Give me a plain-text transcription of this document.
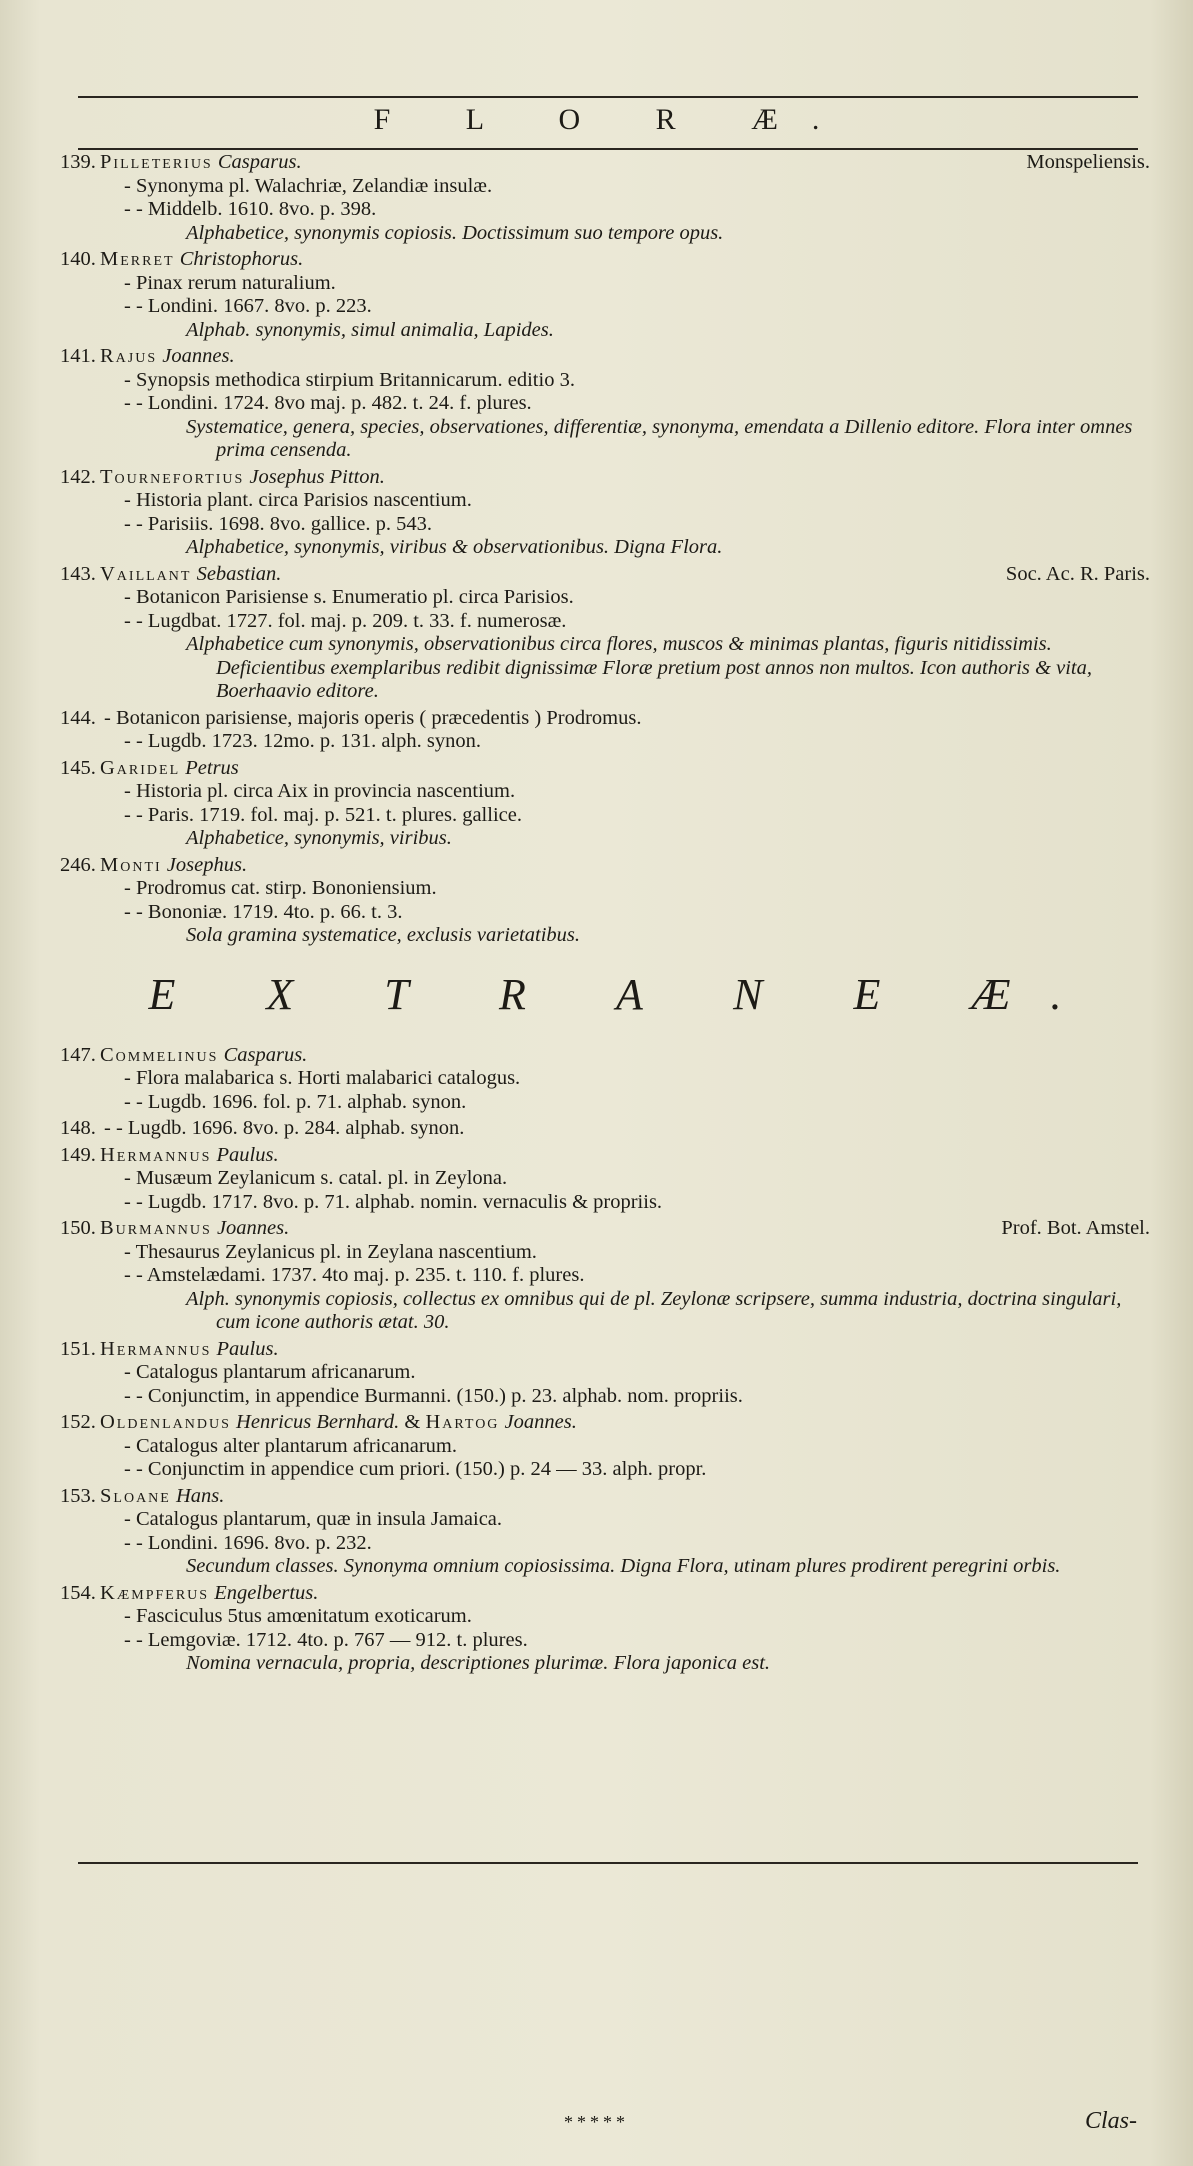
F L O R Æ.
139. Pilleterius Casparus.	Monspeliensis.
- Synonyma pl. Walachriæ, Zelandiæ insulæ.
- - Middelb. 1610. 8vo. p. 398.
Alphabetice, synonymis copiosis. Doctissimum suo tempore opus.
140. Merret Christophorus.
- Pinax rerum naturalium.
- - Londini. 1667. 8vo. p. 223.
Alphab. synonymis, simul animalia, Lapides.
141. Rajus Joannes.
- Synopsis methodica stirpium Britannicarum. editio 3.
- - Londini. 1724. 8vo maj. p. 482. t. 24. f. plures.
Systematice, genera, species, observationes, differentiæ, synonyma, emendata a Dillenio editore. Flora inter omnes prima censenda.
142. Tournefortius Josephus Pitton.
- Historia plant. circa Parisios nascentium.
- - Parisiis. 1698. 8vo. gallice. p. 543.
Alphabetice, synonymis, viribus & observationibus. Digna Flora.
143. Vaillant Sebastian.	Soc. Ac. R. Paris.
- Botanicon Parisiense s. Enumeratio pl. circa Parisios.
- - Lugdbat. 1727. fol. maj. p. 209. t. 33. f. numerosæ.
Alphabetice cum synonymis, observationibus circa flores, muscos & minimas plantas, figuris nitidissimis. Deficientibus exemplaribus redibit dignissimæ Floræ pretium post annos non multos. Icon authoris & vita, Boerhaavio editore.
144. - Botanicon parisiense, majoris operis ( præcedentis ) Prodromus.
- - Lugdb. 1723. 12mo. p. 131. alph. synon.
145. Garidel Petrus
- Historia pl. circa Aix in provincia nascentium.
- - Paris. 1719. fol. maj. p. 521. t. plures. gallice.
Alphabetice, synonymis, viribus.
246. Monti Josephus.
- Prodromus cat. stirp. Bononiensium.
- - Bononiæ. 1719. 4to. p. 66. t. 3.
Sola gramina systematice, exclusis varietatibus.
E X T R A N E Æ.
147. Commelinus Casparus.
- Flora malabarica s. Horti malabarici catalogus.
- - Lugdb. 1696. fol. p. 71. alphab. synon.
148. - - Lugdb. 1696. 8vo. p. 284. alphab. synon.
149. Hermannus Paulus.
- Musæum Zeylanicum s. catal. pl. in Zeylona.
- - Lugdb. 1717. 8vo. p. 71. alphab. nomin. vernaculis & propriis.
150. Burmannus Joannes.	Prof. Bot. Amstel.
- Thesaurus Zeylanicus pl. in Zeylana nascentium.
- - Amstelædami. 1737. 4to maj. p. 235. t. 110. f. plures.
Alph. synonymis copiosis, collectus ex omnibus qui de pl. Zeylonæ scripsere, summa industria, doctrina singulari, cum icone authoris ætat. 30.
151. Hermannus Paulus.
- Catalogus plantarum africanarum.
- - Conjunctim, in appendice Burmanni. (150.) p. 23. alphab. nom. propriis.
152. Oldenlandus Henricus Bernhard. & Hartog Joannes.
- Catalogus alter plantarum africanarum.
- - Conjunctim in appendice cum priori. (150.) p. 24 — 33. alph. propr.
153. Sloane Hans.
- Catalogus plantarum, quæ in insula Jamaica.
- - Londini. 1696. 8vo. p. 232.
Secundum classes. Synonyma omnium copiosissima. Digna Flora, utinam plures prodirent peregrini orbis.
154. Kæmpferus Engelbertus.
- Fasciculus 5tus amœnitatum exoticarum.
- - Lemgoviæ. 1712. 4to. p. 767 — 912. t. plures.
Nomina vernacula, propria, descriptiones plurimæ. Flora japonica est.
*****	Clas-
